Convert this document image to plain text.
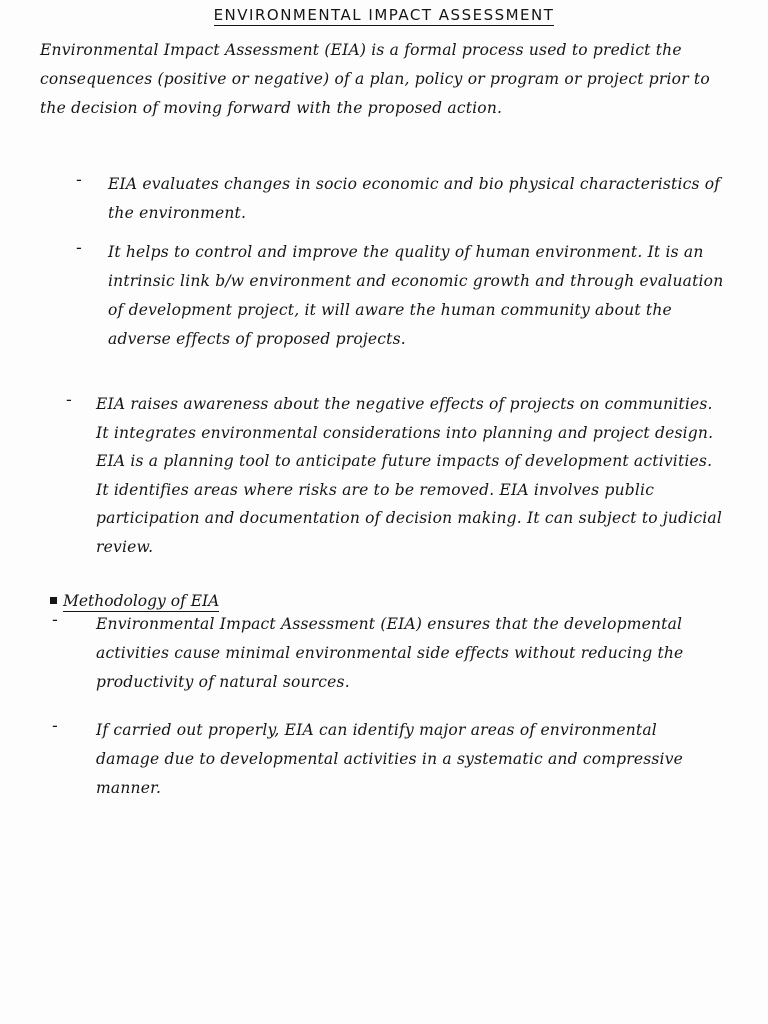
ENVIRONMENTAL IMPACT ASSESSMENT
Environmental Impact Assessment (EIA) is a formal process used to predict the consequences (positive or negative) of a plan, policy or program or project prior to the decision of moving forward with the proposed action.
- EIA evaluates changes in socio economic and bio physical characteristics of the environment.
- It helps to control and improve the quality of human environment. It is an intrinsic link b/w environment and economic growth and through evaluation of development project, it will aware the human community about the adverse effects of proposed projects.
- EIA raises awareness about the negative effects of projects on communities. It integrates environmental considerations into planning and project design. EIA is a planning tool to anticipate future impacts of development activities. It identifies areas where risks are to be removed. EIA involves public participation and documentation of decision making. It can subject to judicial review.
Methodology of EIA
- Environmental Impact Assessment (EIA) ensures that the developmental activities cause minimal environmental side effects without reducing the productivity of natural sources.
- If carried out properly, EIA can identify major areas of environmental damage due to developmental activities in a systematic and compressive manner.
